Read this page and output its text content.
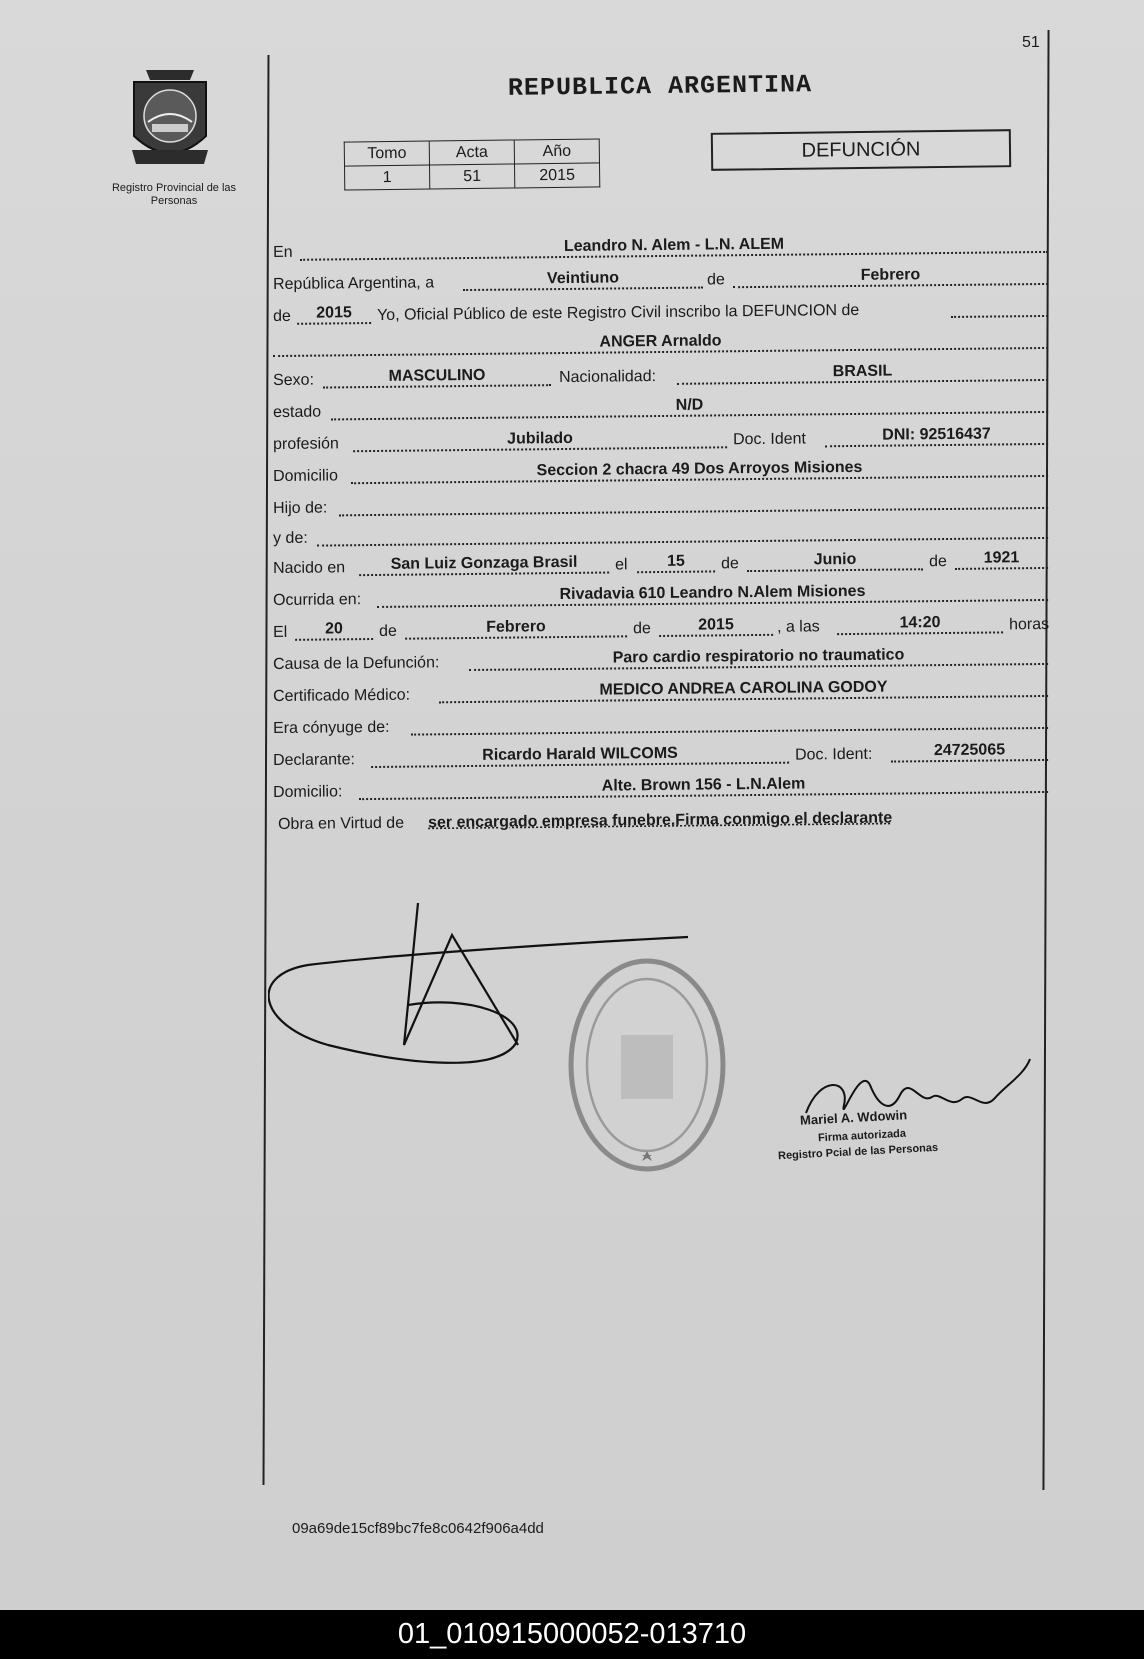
51
Registro Provincial de las Personas
REPUBLICA ARGENTINA
Tomo	Acta	Año
1	51	2015
DEFUNCIÓN
En	Leandro N. Alem - L.N. ALEM
República Argentina, a	Veintiuno	de	Febrero
de	2015	Yo, Oficial Público de este Registro Civil inscribo la DEFUNCION de
ANGER Arnaldo
Sexo:	MASCULINO	Nacionalidad:	BRASIL
estado	N/D
profesión	Jubilado	Doc. Ident	DNI: 92516437
Domicilio	Seccion 2 chacra 49 Dos Arroyos Misiones
Hijo de:
y de:
Nacido en	San Luiz Gonzaga Brasil	el	15	de	Junio	de	1921
Ocurrida en:	Rivadavia 610 Leandro N.Alem Misiones
El	20	de	Febrero	de	2015	, a las	14:20	horas
Causa de la Defunción:	Paro cardio respiratorio no traumatico
Certificado Médico:	MEDICO ANDREA CAROLINA GODOY
Era cónyuge de:
Declarante:	Ricardo Harald WILCOMS	Doc. Ident:	24725065
Domicilio:	Alte. Brown 156 - L.N.Alem
Obra en Virtud de ser encargado empresa funebre.Firma conmigo el declarante
Mariel A. Wdowin
Firma autorizada
Registro Pcial de las Personas
09a69de15cf89bc7fe8c0642f906a4dd
01_010915000052-013710
